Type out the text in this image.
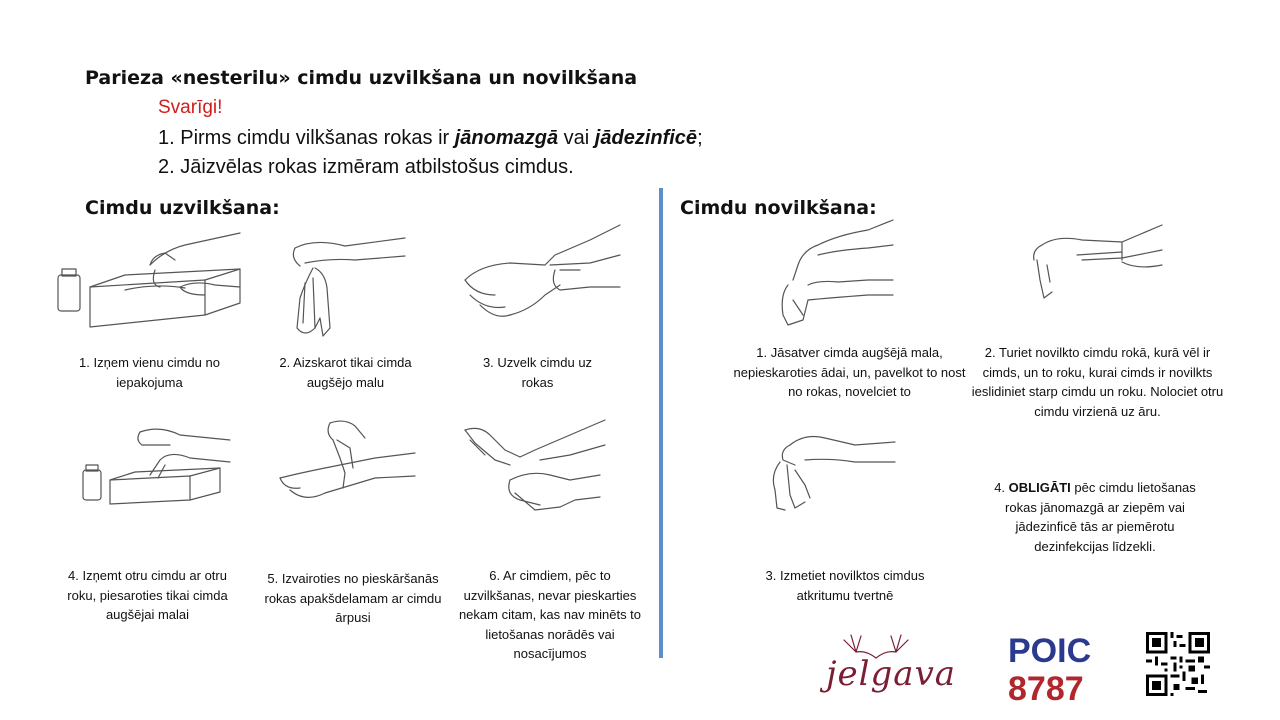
Parieza «nesterilu» cimdu uzvilkšana un novilkšana
Svarīgi!
1. Pirms cimdu vilkšanas rokas ir jānomazgā vai jādezinficē;
2. Jāizvēlas rokas izmēram atbilstošus cimdus.
Cimdu uzvilkšana:	Cimdu novilkšana:
1. Izņem vienu cimdu no iepakojuma
2. Aizskarot tikai cimda augšējo malu
3. Uzvelk cimdu uz rokas
4. Izņemt otru cimdu ar otru roku, piesaroties tikai cimda augšējai malai
5. Izvairoties no pieskāršanās rokas apakšdelamam ar cimdu ārpusi
6. Ar cimdiem, pēc to uzvilkšanas, nevar pieskarties nekam citam, kas nav minēts to lietošanas norādēs vai nosacījumos
1. Jāsatver cimda augšējā mala, nepieskaroties ādai, un, pavelkot to nost no rokas, novelciet to
2. Turiet novilkto cimdu rokā, kurā vēl ir cimds, un to roku, kurai cimds ir novilkts ieslidiniet starp cimdu un roku. Nolociet otru cimdu virzienā uz āru.
3. Izmetiet novilktos cimdus atkritumu tvertnē
4. OBLIGĀTI pēc cimdu lietošanas rokas jānomazgā ar ziepēm vai jādezinficē tās ar piemērotu dezinfekcijas līdzekli.
jelgava
POIC
8787
